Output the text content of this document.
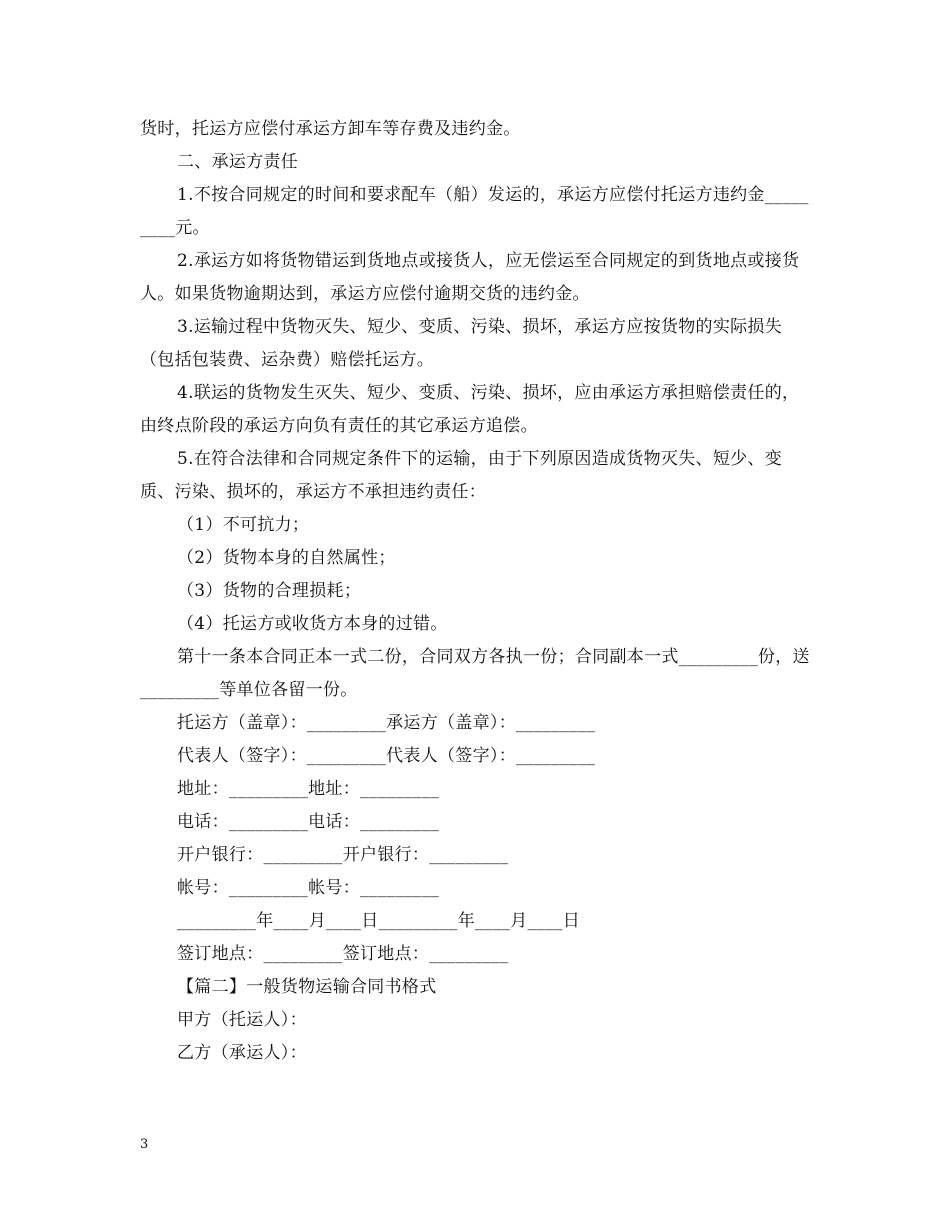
货时，托运方应偿付承运方卸车等存费及违约金。

二、承运方责任

1.不按合同规定的时间和要求配车（船）发运的，承运方应偿付托运方违约金_________元。

2.承运方如将货物错运到货地点或接货人，应无偿运至合同规定的到货地点或接货人。如果货物逾期达到，承运方应偿付逾期交货的违约金。

3.运输过程中货物灭失、短少、变质、污染、损坏，承运方应按货物的实际损失（包括包装费、运杂费）赔偿托运方。

4.联运的货物发生灭失、短少、变质、污染、损坏，应由承运方承担赔偿责任的，由终点阶段的承运方向负有责任的其它承运方追偿。

5.在符合法律和合同规定条件下的运输，由于下列原因造成货物灭失、短少、变质、污染、损坏的，承运方不承担违约责任：

（1）不可抗力；

（2）货物本身的自然属性；

（3）货物的合理损耗；

（4）托运方或收货方本身的过错。

第十一条本合同正本一式二份，合同双方各执一份；合同副本一式_________份，送_________等单位各留一份。

托运方（盖章）：_________承运方（盖章）：_________

代表人（签字）：_________代表人（签字）：_________

地址：_________地址：_________

电话：_________电话：_________

开户银行：_________开户银行：_________

帐号：_________帐号：_________

_________年____月____日_________年____月____日

签订地点：_________签订地点：_________

【篇二】一般货物运输合同书格式

甲方（托运人）：

乙方（承运人）：

3
